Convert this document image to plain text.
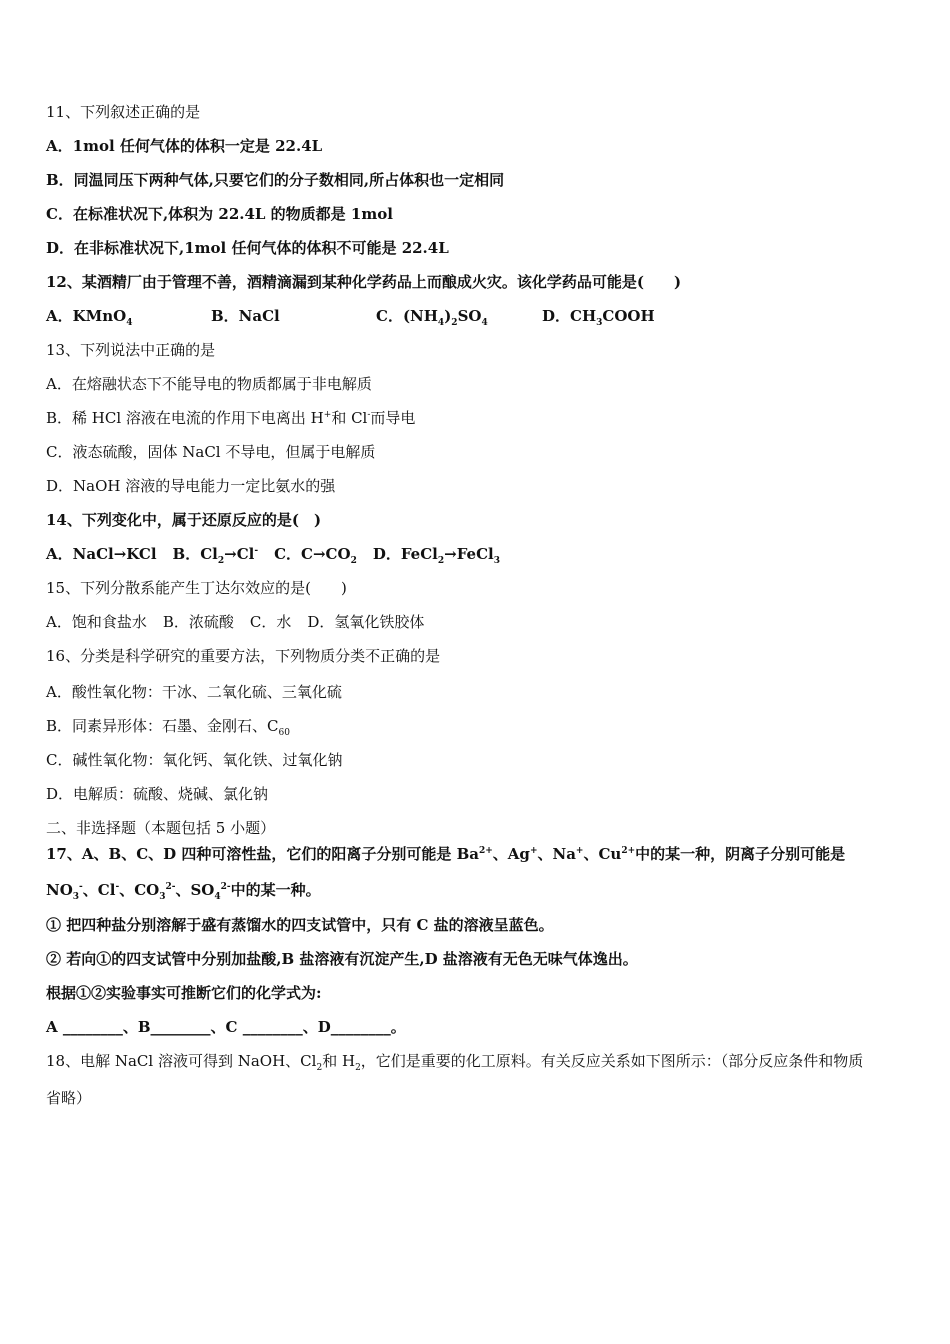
11、下列叙述正确的是
A．1mol 任何气体的体积一定是 22.4L
B．同温同压下两种气体,只要它们的分子数相同,所占体积也一定相同
C．在标准状况下,体积为 22.4L 的物质都是 1mol
D．在非标准状况下,1mol 任何气体的体积不可能是 22.4L
12、某酒精厂由于管理不善，酒精滴漏到某种化学药品上而酿成火灾。该化学药品可能是(　　)
A．KMnO$_4$	B．NaCl	C．$(NH_4)_2SO_4$	D．$CH_3COOH$
13、下列说法中正确的是
A．在熔融状态下不能导电的物质都属于非电解质
B．稀 HCl 溶液在电流的作用下电离出 H+和 Cl-而导电
C．液态硫酸，固体 NaCl 不导电，但属于电解质
D．NaOH 溶液的导电能力一定比氨水的强
14、下列变化中，属于还原反应的是(　)
A．NaCl→KCl B．$Cl_2\to Cl^-$ C．$C\to CO_2$ D．FeCl$_2$→FeCl$_3$
15、下列分散系能产生丁达尔效应的是(　　)
A．饱和食盐水 B．浓硫酸 C．水 D．氢氧化铁胶体
16、分类是科学研究的重要方法，下列物质分类不正确的是
A．酸性氧化物：干冰、二氧化硫、三氧化硫
B．同素异形体：石墨、金刚石、$C_{60}$
C．碱性氧化物：氧化钙、氧化铁、过氧化钠
D．电解质：硫酸、烧碱、氯化钠
二、非选择题（本题包括 5 小题）
17、A、B、C、D 四种可溶性盐，它们的阳离子分别可能是 $Ba^{2+}$、Ag+、Na+、$Cu^{2+}$中的某一种，阴离子分别可能是
$NO_3^-$、Cl-、$CO_3^{2-}$、$SO_4^{2-}$中的某一种。
① 把四种盐分别溶解于盛有蒸馏水的四支试管中，只有 C 盐的溶液呈蓝色。
② 若向①的四支试管中分别加盐酸,B 盐溶液有沉淀产生,D 盐溶液有无色无味气体逸出。
根据①②实验事实可推断它们的化学式为:
A ________、B________、C ________、D________。
18、电解 NaCl 溶液可得到 NaOH、$Cl_2$和 $H_2$，它们是重要的化工原料。有关反应关系如下图所示：（部分反应条件和物质
省略）
